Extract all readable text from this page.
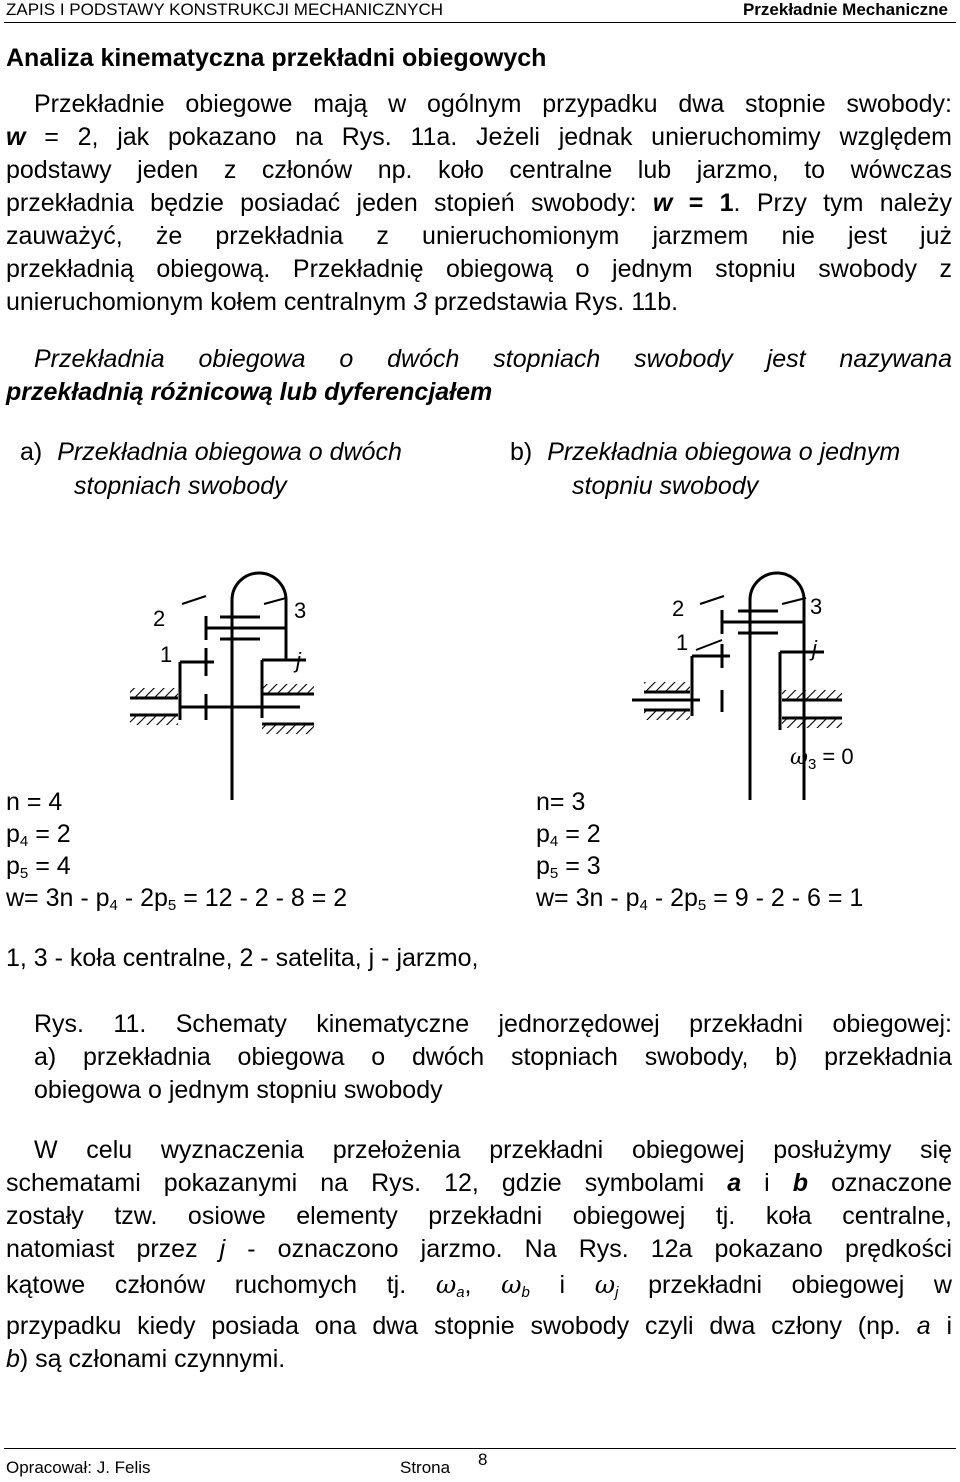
ZAPIS I PODSTAWY KONSTRUKCJI MECHANICZNYCH	Przekładnie Mechaniczne
Analiza kinematyczna przekładni obiegowych
Przekładnie obiegowe mają w ogólnym przypadku dwa stopnie swobody:
w = 2, jak pokazano na Rys. 11a. Jeżeli jednak unieruchomimy względem
podstawy jeden z członów np. koło centralne lub jarzmo, to wówczas
przekładnia będzie posiadać jeden stopień swobody: w = 1. Przy tym należy
zauważyć, że przekładnia z unieruchomionym jarzmem nie jest już
przekładnią obiegową. Przekładnię obiegową o jednym stopniu swobody z
unieruchomionym kołem centralnym 3 przedstawia Rys. 11b.
Przekładnia obiegowa o dwóch stopniach swobody jest nazywana
przekładnią różnicową lub dyferencjałem
a) Przekładnia obiegowa o dwóch
stopniach swobody
b) Przekładnia obiegowa o jednym
stopniu swobody
2	3
1	j
2	3
1	j
$\omega_3 = 0$
n = 4
$p_4 = 2$
$p_5 = 4$
$w= 3n - p_4 - 2p_5 = 12 - 2 - 8 = 2$
n= 3
$p_4 = 2$
$p_5 = 3$
$w= 3n - p_4 - 2p_5 = 9 - 2 - 6 = 1$
1, 3 - koła centralne, 2 - satelita, j - jarzmo,
Rys. 11. Schematy kinematyczne jednorzędowej przekładni obiegowej:
a) przekładnia obiegowa o dwóch stopniach swobody, b) przekładnia
obiegowa o jednym stopniu swobody
W celu wyznaczenia przełożenia przekładni obiegowej posłużymy się
schematami pokazanymi na Rys. 12, gdzie symbolami a i b oznaczone
zostały tzw. osiowe elementy przekładni obiegowej tj. koła centralne,
natomiast przez j - oznaczono jarzmo. Na Rys. 12a pokazano prędkości
kątowe członów ruchomych tj. $\omega_a$, $\omega_b$ i $\omega_j$ przekładni obiegowej w
przypadku kiedy posiada ona dwa stopnie swobody czyli dwa człony (np. a i
b) są członami czynnymi.
Opracował: J. Felis	Strona 8
